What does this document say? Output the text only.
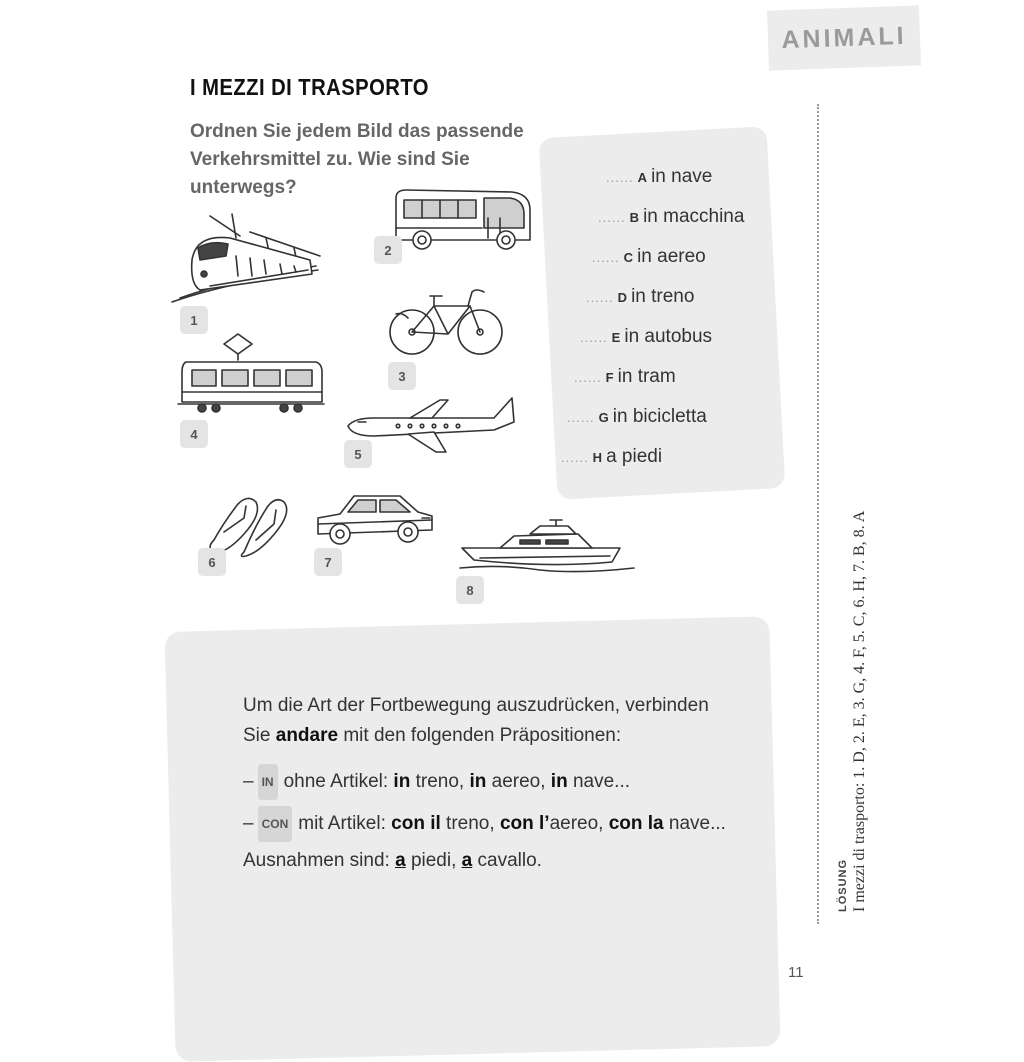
ANIMALI
I MEZZI DI TRASPORTO
Ordnen Sie jedem Bild das passende Verkehrsmittel zu. Wie sind Sie unterwegs?	...... A in nave
...... B in macchina
...... C in aereo
...... D in treno
...... E in autobus
...... F in tram
...... G in bicicletta
...... H a piedi
1
2
3
4
5
6	7
8
Um die Art der Fortbewegung auszudrücken, verbinden
Sie andare mit den folgenden Präpositionen:
– IN ohne Artikel: in treno, in aereo, in nave...
– CON mit Artikel: con il treno, con l’aereo, con la nave...
Ausnahmen sind: a piedi, a cavallo.	LÖSUNG I mezzi di trasporto: 1. D, 2. E, 3. G, 4. F, 5. C, 6. H, 7. B, 8. A
11
